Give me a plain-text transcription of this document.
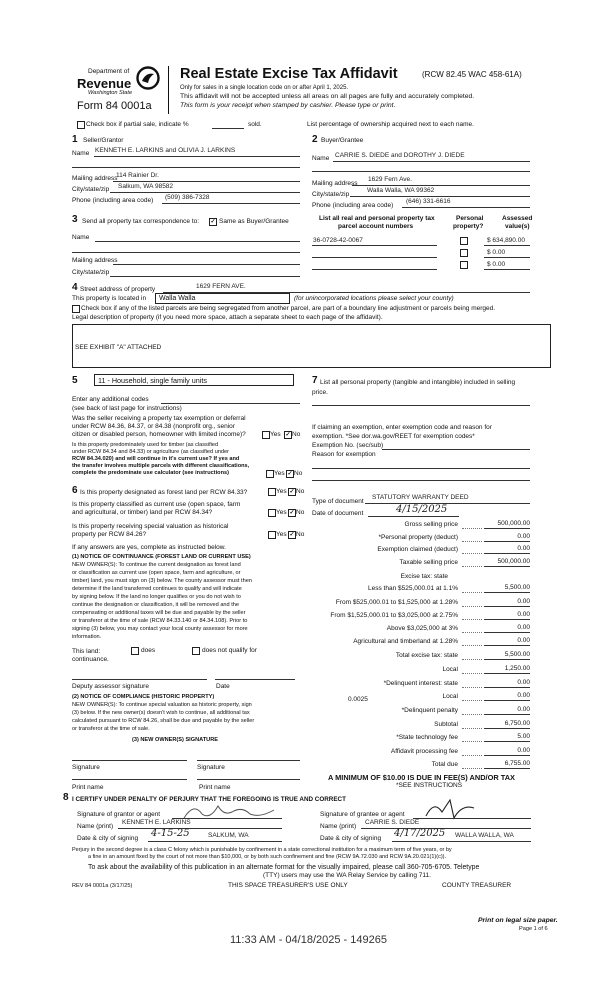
Department of
Revenue
Washington State
Form 84 0001a
Real Estate Excise Tax Affidavit	(RCW 82.45 WAC 458-61A)
Only for sales in a single location code on or after April 1, 2025.
This affidavit will not be accepted unless all areas on all pages are fully and accurately completed.
This form is your receipt when stamped by cashier. Please type or print.
Check box if partial sale, indicate %	sold.	List percentage of ownership acquired next to each name.
1 Seller/Grantor
Name KENNETH E. LARKINS and OLIVIA J. LARKINS
Mailing address
114 Rainier Dr.
City/state/zip Salkum, WA 98582
Phone (including area code) (509) 386-7328
2 Buyer/Grantee
Name CARRIE S. DIEDE and DOROTHY J. DIEDE
Mailing address
1629 Fern Ave.
City/state/zip
Walla Walla, WA 99362
Phone (including area code)
(646) 331-6616
3 Send all property tax correspondence to: ✓ Same as Buyer/Grantee
Name
Mailing address
City/state/zip
List all real and personal property tax
parcel account numbers
Personal
property?
Assessed
value(s)
36-0728-42-0067	$ 634,890.00
$ 0.00
$ 0.00
4 Street address of property	1629 FERN AVE.
This property is located in Walla Walla	(for unincorporated locations please select your county)
Check box if any of the listed parcels are being segregated from another parcel, are part of a boundary line adjustment or parcels being merged.
Legal description of property (if you need more space, attach a separate sheet to each page of the affidavit).
SEE EXHIBIT "A" ATTACHED
5	11 - Household, single family units
Enter any additional codes
(see back of last page for instructions)
Was the seller receiving a property tax exemption or deferral
under RCW 84.36, 84.37, or 84.38 (nonprofit org., senior
citizen or disabled person, homeowner with limited income)?	Yes ✓ No
Is this property predominately used for timber (as classified
under RCW 84.34 and 84.33) or agriculture (as classified under
RCW 84.34.020) and will continue in it's current use? If yes and
the transfer involves multiple parcels with different classifications,
complete the predominate use calculator (see instructions)	Yes ✓ No
6 Is this property designated as forest land per RCW 84.33?	Yes ✓ No
Is this property classified as current use (open space, farm
and agricultural, or timber) land per RCW 84.34?	Yes ✓ No
Is this property receiving special valuation as historical
property per RCW 84.26?	Yes ✓ No
If any answers are yes, complete as instructed below.
(1) NOTICE OF CONTINUANCE (FOREST LAND OR CURRENT USE)
NEW OWNER(S): To continue the current designation as forest land
or classification as current use (open space, farm and agriculture, or
timber) land, you must sign on (3) below. The county assessor must then
determine if the land transferred continues to qualify and will indicate
by signing below. If the land no longer qualifies or you do not wish to
continue the designation or classification, it will be removed and the
compensating or additional taxes will be due and payable by the seller
or transferor at the time of sale (RCW 84.33.140 or 84.34.108). Prior to
signing (3) below, you may contact your local county assessor for more
information.
This land:	does	does not qualify for
continuance.
Deputy assessor signature	Date
(2) NOTICE OF COMPLIANCE (HISTORIC PROPERTY)
NEW OWNER(S): To continue special valuation as historic property, sign
(3) below. If the new owner(s) doesn't wish to continue, all additional tax
calculated pursuant to RCW 84.26, shall be due and payable by the seller
or transferor at the time of sale.
(3) NEW OWNER(S) SIGNATURE
Signature	Signature
Print name	Print name
7 List all personal property (tangible and intangible) included in selling
price.
If claiming an exemption, enter exemption code and reason for
exemption. *See dor.wa.gov/REET for exemption codes*
Exemption No. (sec/sub)
Reason for exemption
Type of document
STATUTORY WARRANTY DEED
Date of document	4/15/2025
Gross selling price	500,000.00
*Personal property (deduct)	0.00
Exemption claimed (deduct)	0.00
Taxable selling price	500,000.00
Excise tax: state
Less than $525,000.01 at 1.1%	5,500.00
From $525,000.01 to $1,525,000 at 1.28%	0.00
From $1,525,000.01 to $3,025,000 at 2.75%	0.00
Above $3,025,000 at 3%	0.00
Agricultural and timberland at 1.28%	0.00
Total excise tax: state	5,500.00
Local	1,250.00
*Delinquent interest: state	0.00
Local	0.00
*Delinquent penalty	0.00
Subtotal	6,750.00
*State technology fee	5.00
Affidavit processing fee	0.00
Total due	6,755.00
0.0025
A MINIMUM OF $10.00 IS DUE IN FEE(S) AND/OR TAX
*SEE INSTRUCTIONS
8 I CERTIFY UNDER PENALTY OF PERJURY THAT THE FOREGOING IS TRUE AND CORRECT
Signature of grantor or agent
Name (print)
KENNETH E. LARKINS
Date & city of signing 4-15-25	SALKUM, WA
Signature of grantee or agent
Name (print)
CARRIE S. DIEDE
Date & city of signing 4/17/2025 WALLA WALLA, WA
Perjury in the second degree is a class C felony which is punishable by confinement in a state correctional institution for a maximum term of five years, or by
a fine in an amount fixed by the court of not more than $10,000, or by both such confinement and fine (RCW 9A.72.030 and RCW 9A.20.021(1)(c)).
To ask about the availability of this publication in an alternate format for the visually impaired, please call 360-705-6705. Teletype
(TTY) users may use the WA Relay Service by calling 711.
REV 84 0001a (3/17/25)	THIS SPACE TREASURER'S USE ONLY	COUNTY TREASURER
Print on legal size paper.
Page 1 of 6
11:33 AM - 04/18/2025 - 149265
